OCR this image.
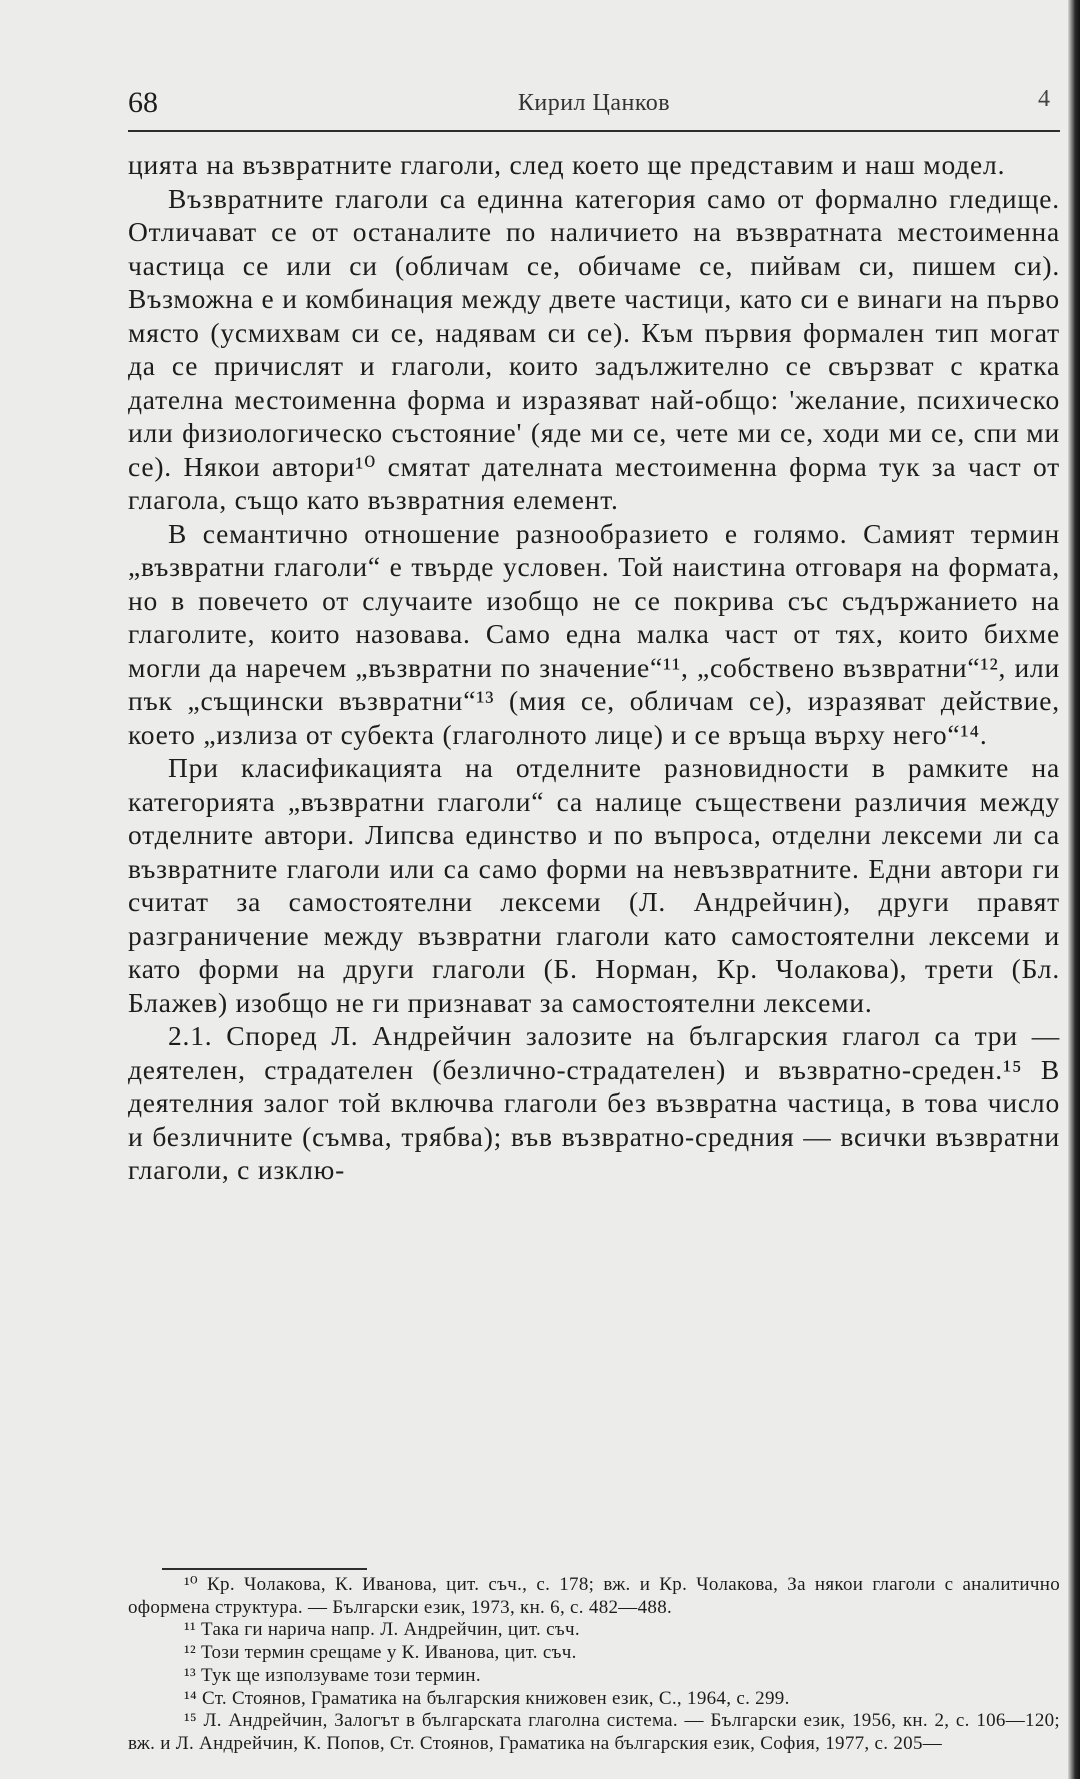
68	Кирил Цанков	4

цията на възвратните глаголи, след което ще представим и наш модел.

Възвратните глаголи са единна категория само от формално гледище. Отличават се от останалите по наличието на възвратната местоименна частица се или си (обличам се, обичаме се, пийвам си, пишем си). Възможна е и комбинация между двете частици, като си е винаги на първо място (усмихвам си се, надявам си се). Към първия формален тип могат да се причислят и глаголи, които задължително се свързват с кратка дателна местоименна форма и изразяват най-общо: 'желание, психическо или физиологическо състояние' (яде ми се, чете ми се, ходи ми се, спи ми се). Някои автори¹⁰ смятат дателната местоименна форма тук за част от глагола, също като възвратния елемент.

В семантично отношение разнообразието е голямо. Самият термин „възвратни глаголи“ е твърде условен. Той наистина отговаря на формата, но в повечето от случаите изобщо не се покрива със съдържанието на глаголите, които назовава. Само една малка част от тях, които бихме могли да наречем „възвратни по значение“¹¹, „собствено възвратни“¹², или пък „същински възвратни“¹³ (мия се, обличам се), изразяват действие, което „излиза от субекта (глаголното лице) и се връща върху него“¹⁴.

При класификацията на отделните разновидности в рамките на категорията „възвратни глаголи“ са налице съществени различия между отделните автори. Липсва единство и по въпроса, отделни лексеми ли са възвратните глаголи или са само форми на невъзвратните. Едни автори ги считат за самостоятелни лексеми (Л. Андрейчин), други правят разграничение между възвратни глаголи като самостоятелни лексеми и като форми на други глаголи (Б. Норман, Кр. Чолакова), трети (Бл. Блажев) изобщо не ги признават за самостоятелни лексеми.

2.1. Според Л. Андрейчин залозите на българския глагол са три — деятелен, страдателен (безлично-страдателен) и възвратно-среден.¹⁵ В деятелния залог той включва глаголи без възвратна частица, в това число и безличните (съмва, трябва); във възвратно-средния — всички възвратни глаголи, с изклю-

¹⁰ Кр. Чолакова, К. Иванова, цит. съч., с. 178; вж. и Кр. Чолакова, За някои глаголи с аналитично оформена структура. — Български език, 1973, кн. 6, с. 482—488.

¹¹ Така ги нарича напр. Л. Андрейчин, цит. съч.

¹² Този термин срещаме у К. Иванова, цит. съч.

¹³ Тук ще използуваме този термин.

¹⁴ Ст. Стоянов, Граматика на българския книжовен език, С., 1964, с. 299.

¹⁵ Л. Андрейчин, Залогът в българската глаголна система. — Български език, 1956, кн. 2, с. 106—120; вж. и Л. Андрейчин, К. Попов, Ст. Стоянов, Граматика на българския език, София, 1977, с. 205—
